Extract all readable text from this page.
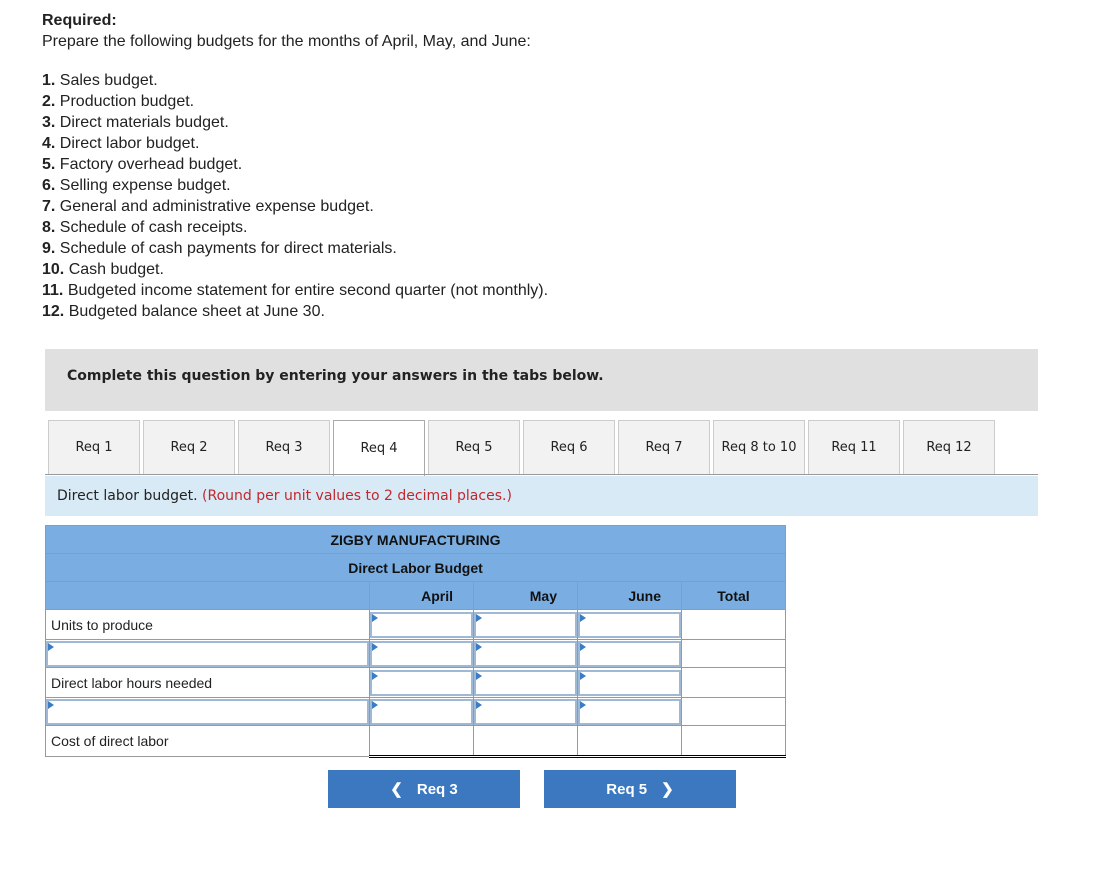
Required:
Prepare the following budgets for the months of April, May, and June:
1. Sales budget.
2. Production budget.
3. Direct materials budget.
4. Direct labor budget.
5. Factory overhead budget.
6. Selling expense budget.
7. General and administrative expense budget.
8. Schedule of cash receipts.
9. Schedule of cash payments for direct materials.
10. Cash budget.
11. Budgeted income statement for entire second quarter (not monthly).
12. Budgeted balance sheet at June 30.
Complete this question by entering your answers in the tabs below.
Req 1	Req 2	Req 3	Req 4	Req 5	Req 6	Req 7	Req 8 to 10	Req 11	Req 12
Direct labor budget. (Round per unit values to 2 decimal places.)
ZIGBY MANUFACTURING				
Direct Labor Budget				
	April	May	June	Total
Units to produce	

Direct labor hours needed	

Cost of direct labor				
❮ Req 3	Req 5 ❯
